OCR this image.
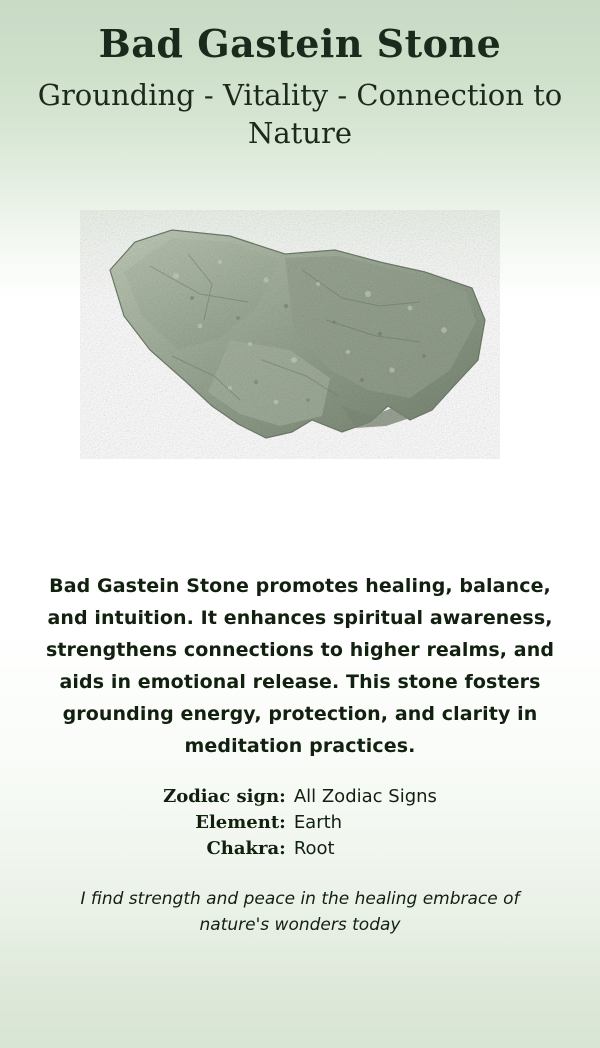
Bad Gastein Stone
Grounding - Vitality - Connection to Nature
Bad Gastein Stone promotes healing, balance, and intuition. It enhances spiritual awareness, strengthens connections to higher realms, and aids in emotional release. This stone fosters grounding energy, protection, and clarity in meditation practices.
Zodiac sign:	All Zodiac Signs
Element:	Earth
Chakra:	Root
I find strength and peace in the healing embrace of nature's wonders today
